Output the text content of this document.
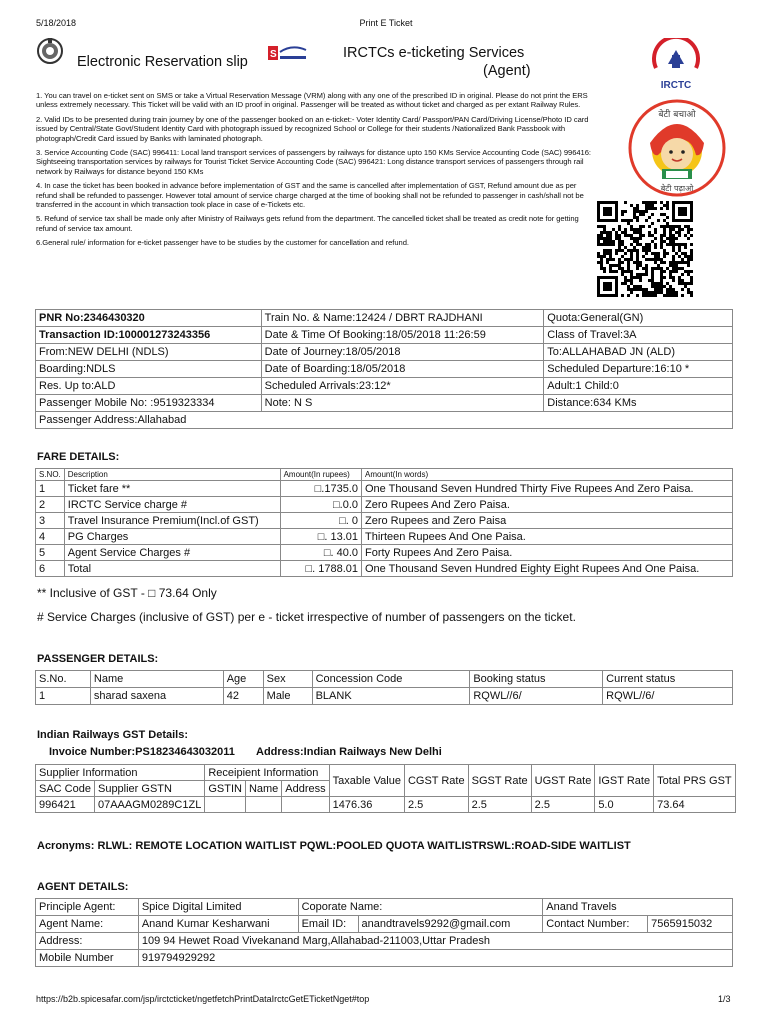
5/18/2018	Print E Ticket
Electronic Reservation slip S	IRCTCs e-ticketing Services
(Agent)
IRCTC
बेटी बचाओ
बेटी पढ़ाओ
1. You can travel on e-ticket sent on SMS or take a Virtual Reservation Message (VRM) along with any one of the prescribed ID in original. Please do not print the ERS unless extremely necessary. This Ticket will be valid with an ID proof in original. Passenger will be treated as without ticket and charged as per extant Railway Rules.
2. Valid IDs to be presented during train journey by one of the passenger booked on an e-ticket:- Voter Identity Card/ Passport/PAN Card/Driving License/Photo ID card issued by Central/State Govt/Student Identity Card with photograph issued by recognized School or College for their students /Nationalized Bank Passbook with photograph/Credit Card issued by Banks with laminated photograph.
3. Service Accounting Code (SAC) 996411: Local land transport services of passengers by railways for distance upto 150 KMs Service Accounting Code (SAC) 996416: Sightseeing transportation services by railways for Tourist Ticket Service Accounting Code (SAC) 996421: Long distance transport services of passengers through rail network by Railways for distance beyond 150 KMs
4. In case the ticket has been booked in advance before implementation of GST and the same is cancelled after implementation of GST, Refund amount due as per refund shall be refunded to passenger. However total amount of service charge charged at the time of booking shall not be refunded to passenger in cash/shall not be transferred in the account in which transaction took place in case of e-Tickets etc.
5. Refund of service tax shall be made only after Ministry of Railways gets refund from the department. The cancelled ticket shall be treated as credit note for getting refund of service tax amount.
6.General rule/ information for e-ticket passenger have to be studies by the customer for cancellation and refund.
PNR No:2346430320	Train No. & Name:12424 / DBRT RAJDHANI	Quota:General(GN)
Transaction ID:100001273243356	Date & Time Of Booking:18/05/2018 11:26:59	Class of Travel:3A
From:NEW DELHI (NDLS)	Date of Journey:18/05/2018	To:ALLAHABAD JN (ALD)
Boarding:NDLS	Date of Boarding:18/05/2018	Scheduled Departure:16:10 *
Res. Up to:ALD	Scheduled Arrivals:23:12*	Adult:1 Child:0
Passenger Mobile No: :9519323334	Note: N S	Distance:634 KMs
Passenger Address:Allahabad		
FARE DETAILS:
S.NO.	Description	Amount(In rupees)	Amount(In words)
1	Ticket fare **	□.1735.0	One Thousand Seven Hundred Thirty Five Rupees And Zero Paisa.
2	IRCTC Service charge #	□.0.0	Zero Rupees And Zero Paisa.
3	Travel Insurance Premium(Incl.of GST)	□. 0	Zero Rupees and Zero Paisa
4	PG Charges	□. 13.01	Thirteen Rupees And One Paisa.
5	Agent Service Charges #	□. 40.0	Forty Rupees And Zero Paisa.
6	Total	□. 1788.01	One Thousand Seven Hundred Eighty Eight Rupees And One Paisa.
** Inclusive of GST - □ 73.64 Only
# Service Charges (inclusive of GST) per e - ticket irrespective of number of passengers on the ticket.
PASSENGER DETAILS:
S.No.	Name	Age	Sex	Concession Code	Booking status	Current status
1	sharad saxena	42	Male	BLANK	RQWL//6/	RQWL//6/
Indian Railways GST Details:
Invoice Number:PS18234643032011 Address:Indian Railways New Delhi
Supplier Information		Receipient Information			Taxable Value	CGST Rate	SGST Rate	UGST Rate	IGST Rate	Total PRS GST
SAC Code	Supplier GSTN	GSTIN	Name	Address						
996421	07AAAGM0289C1ZL				1476.36	2.5	2.5	2.5	5.0	73.64
Acronyms: RLWL: REMOTE LOCATION WAITLIST PQWL:POOLED QUOTA WAITLISTRSWL:ROAD-SIDE WAITLIST
AGENT DETAILS:
Principle Agent:	Spice Digital Limited	Coporate Name:		Anand Travels	
Agent Name:	Anand Kumar Kesharwani	Email ID:	anandtravels9292@gmail.com	Contact Number:	7565915032
Address:	109 94 Hewet Road Vivekanand Marg,Allahabad-211003,Uttar Pradesh				
Mobile Number	919794929292				
https://b2b.spicesafar.com/jsp/irctcticket/ngetfetchPrintDataIrctcGetETicketNget#top	1/3
